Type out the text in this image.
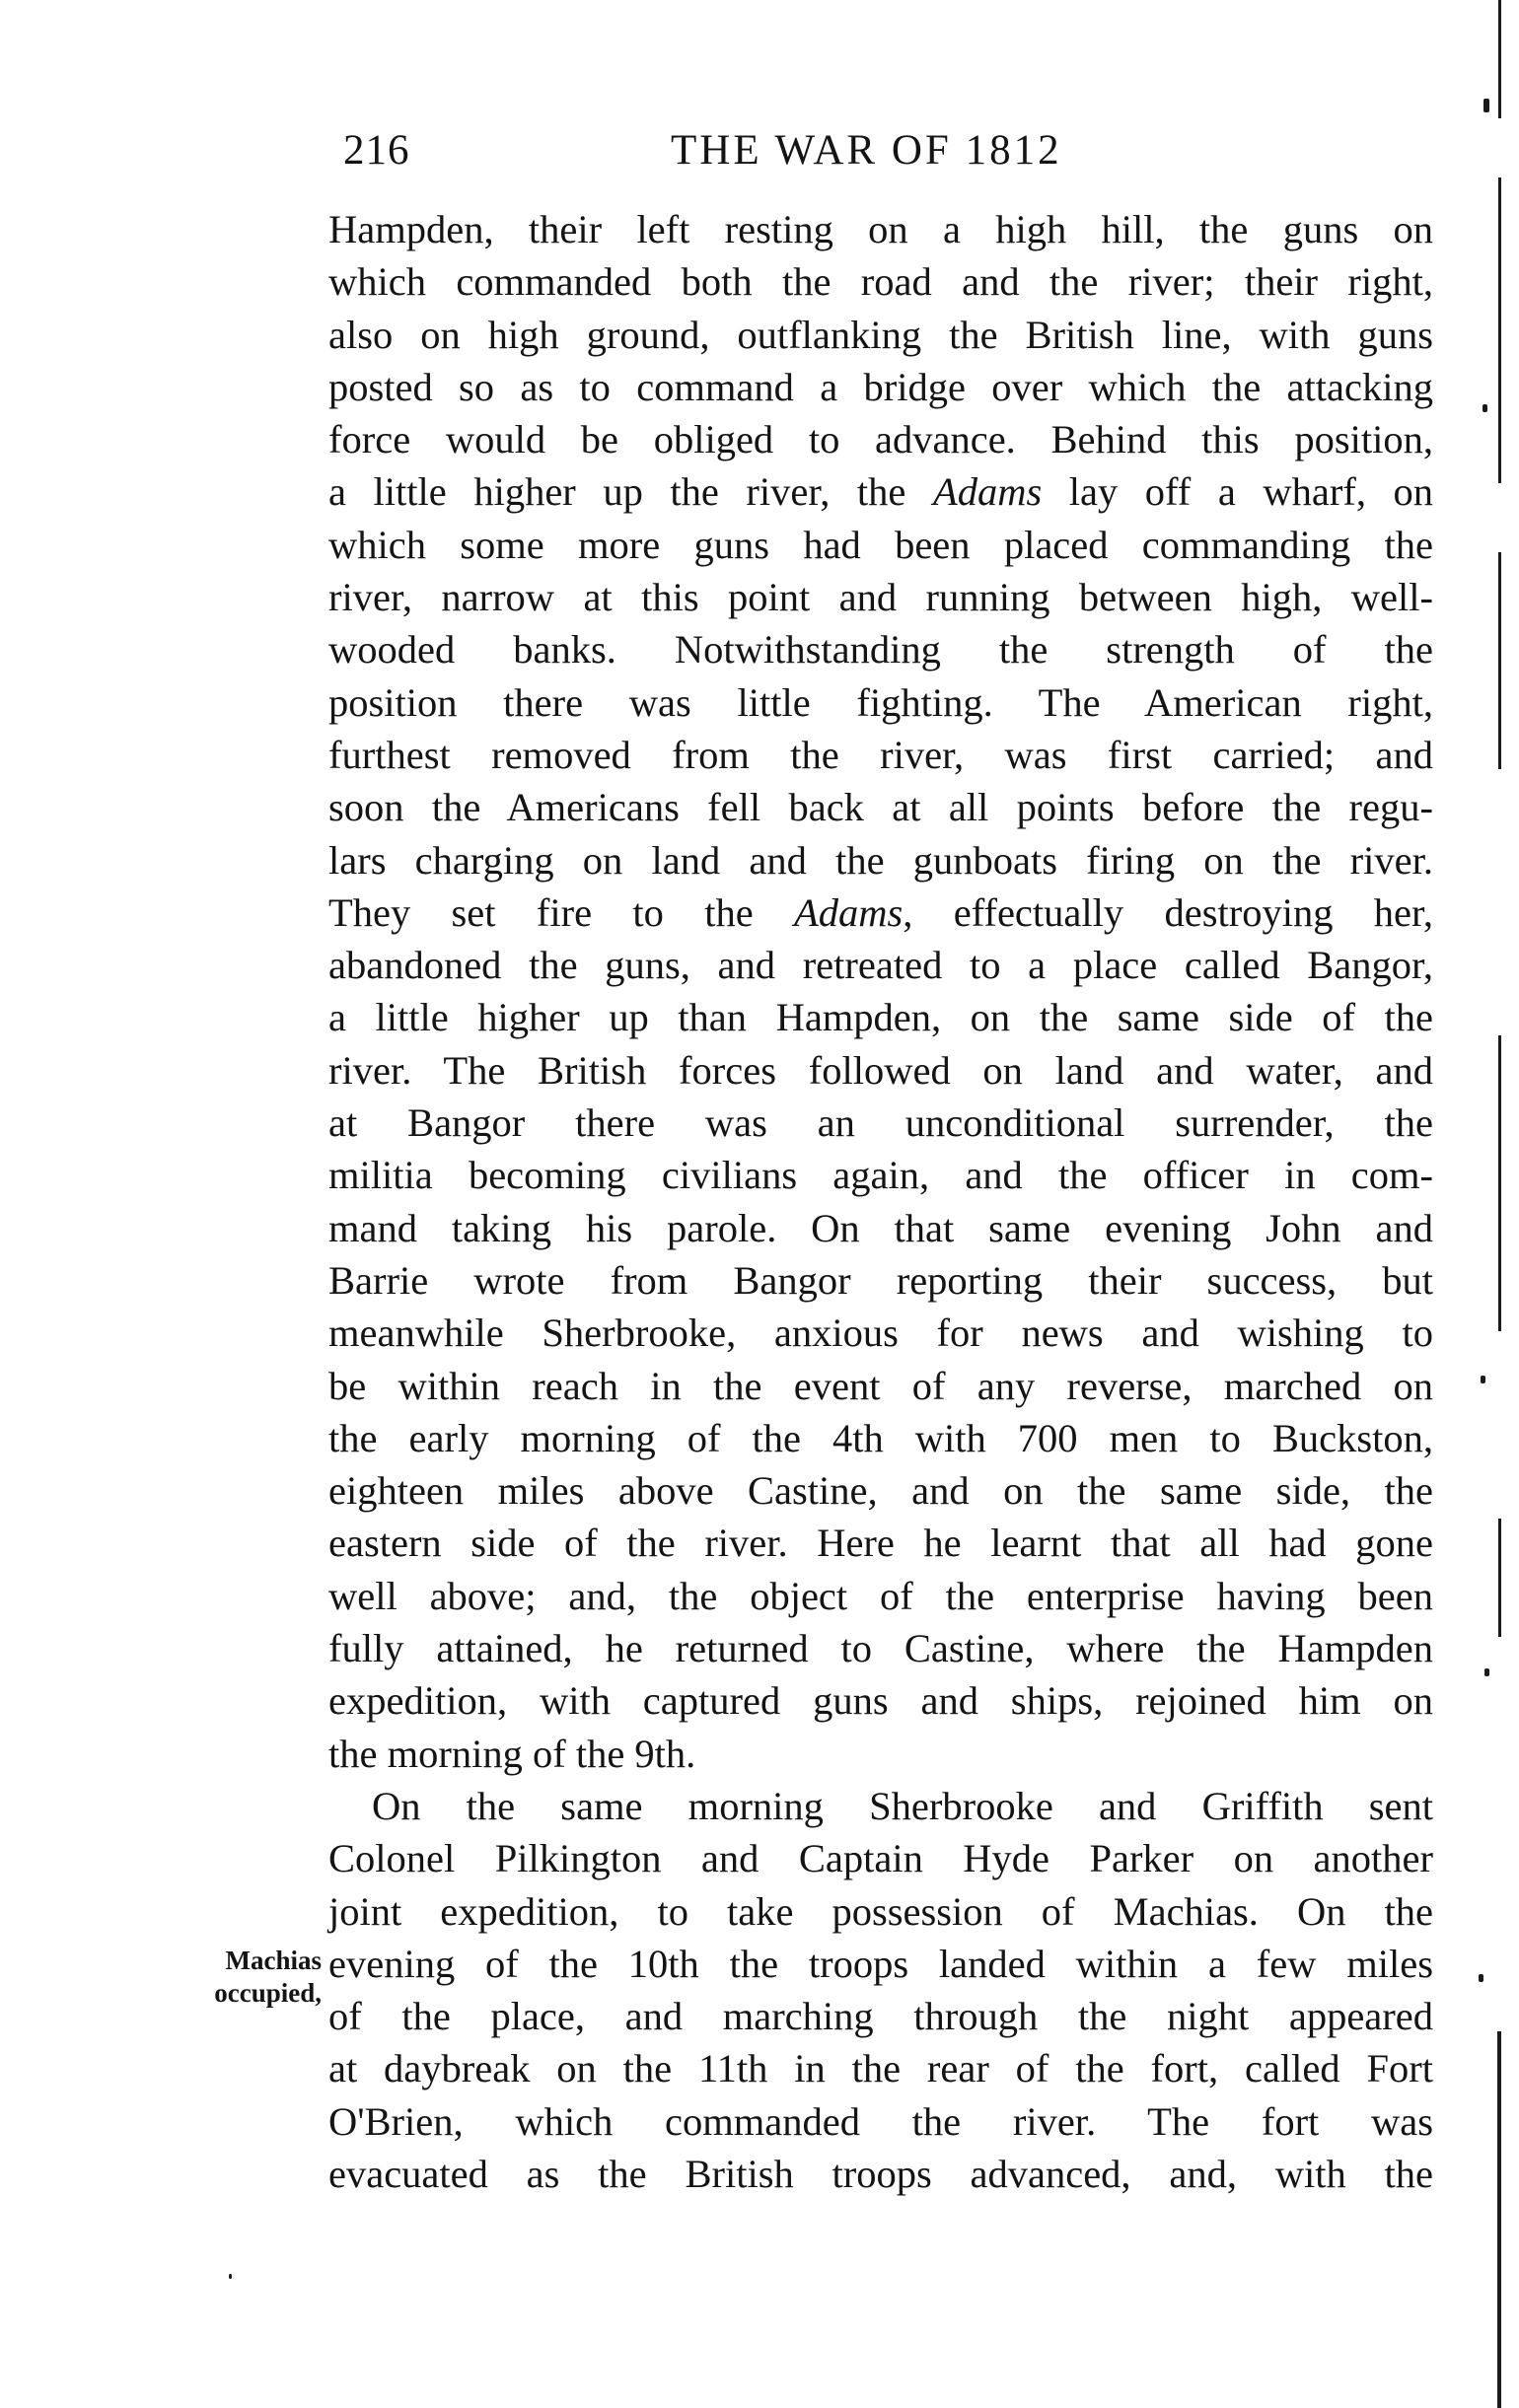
216	THE WAR OF 1812
Machias
occupied,
Hampden, their left resting on a high hill, the guns on
which commanded both the road and the river; their right,
also on high ground, outflanking the British line, with guns
posted so as to command a bridge over which the attacking
force would be obliged to advance. Behind this position,
a little higher up the river, the Adams lay off a wharf, on
which some more guns had been placed commanding the
river, narrow at this point and running between high, well-
wooded banks. Notwithstanding the strength of the
position there was little fighting. The American right,
furthest removed from the river, was first carried; and
soon the Americans fell back at all points before the regu-
lars charging on land and the gunboats firing on the river.
They set fire to the Adams, effectually destroying her,
abandoned the guns, and retreated to a place called Bangor,
a little higher up than Hampden, on the same side of the
river. The British forces followed on land and water, and
at Bangor there was an unconditional surrender, the
militia becoming civilians again, and the officer in com-
mand taking his parole. On that same evening John and
Barrie wrote from Bangor reporting their success, but
meanwhile Sherbrooke, anxious for news and wishing to
be within reach in the event of any reverse, marched on
the early morning of the 4th with 700 men to Buckston,
eighteen miles above Castine, and on the same side, the
eastern side of the river. Here he learnt that all had gone
well above; and, the object of the enterprise having been
fully attained, he returned to Castine, where the Hampden
expedition, with captured guns and ships, rejoined him on
the morning of the 9th.
On the same morning Sherbrooke and Griffith sent
Colonel Pilkington and Captain Hyde Parker on another
joint expedition, to take possession of Machias. On the
evening of the 10th the troops landed within a few miles
of the place, and marching through the night appeared
at daybreak on the 11th in the rear of the fort, called Fort
O'Brien, which commanded the river. The fort was
evacuated as the British troops advanced, and, with the
